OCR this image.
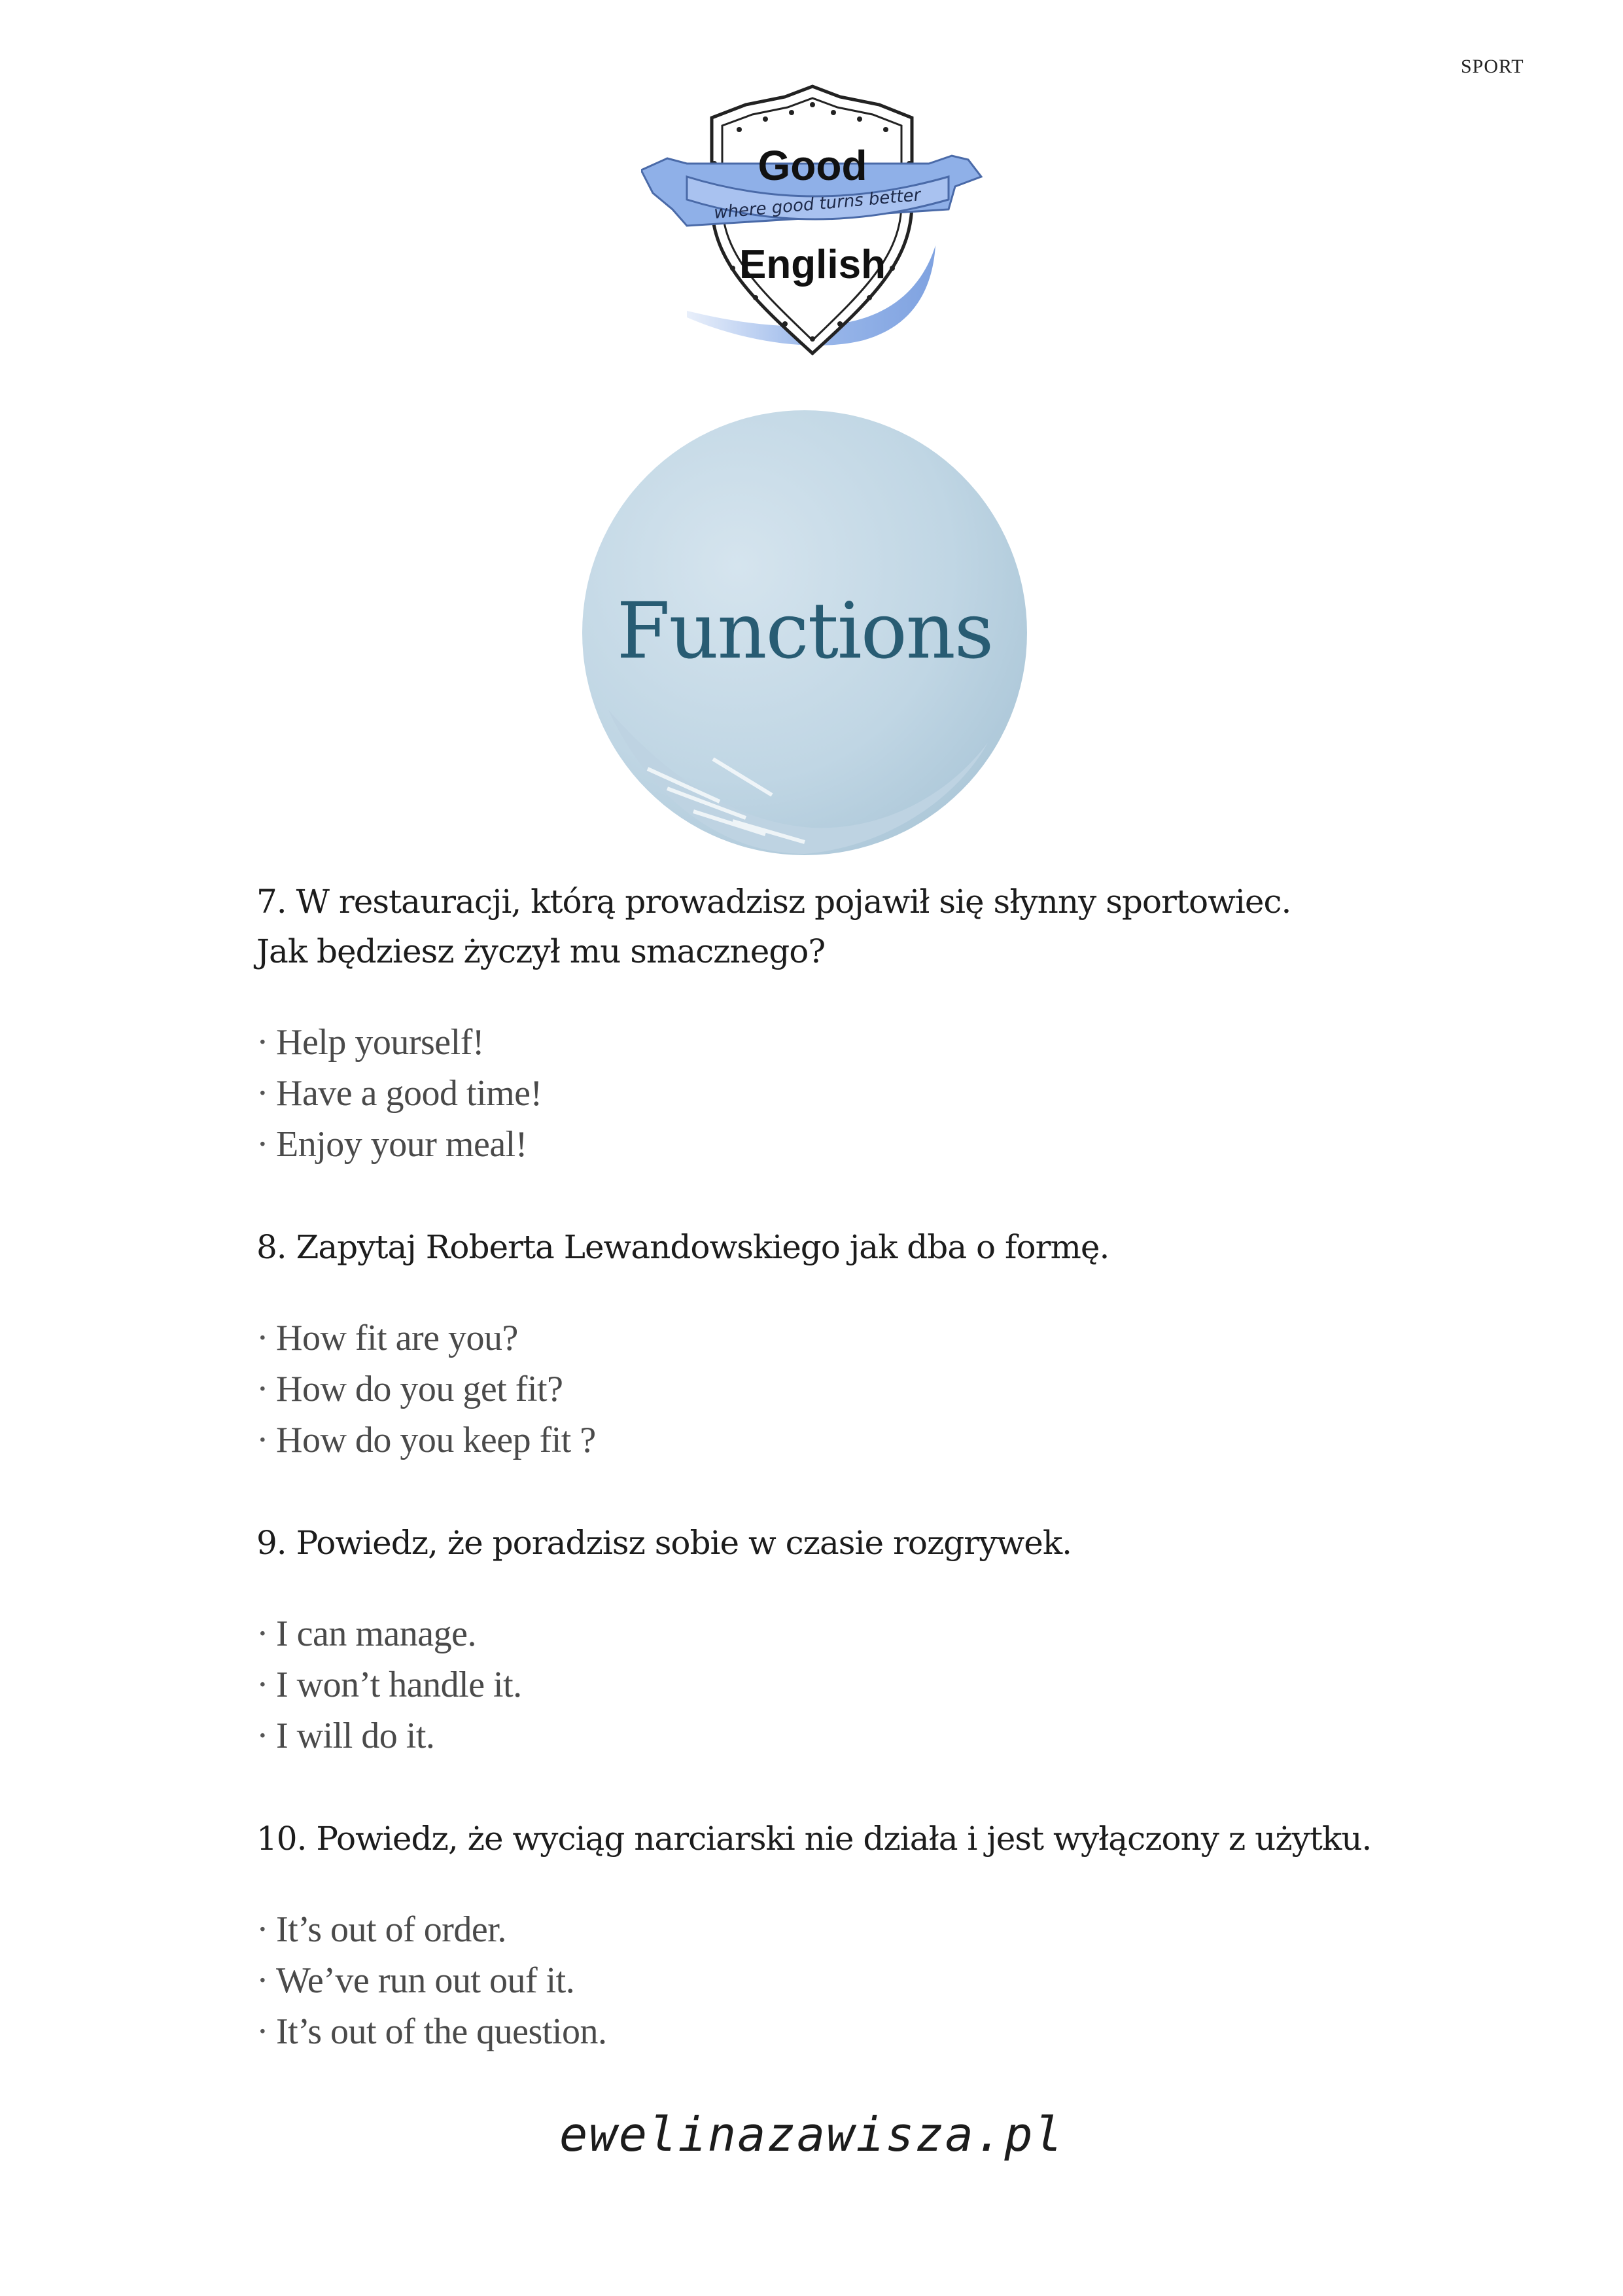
SPORT
where good turns better
Good
English
Functions
7. W restauracji, którą prowadzisz pojawił się słynny sportowiec.
Jak będziesz życzył mu smacznego?
· Help yourself!
· Have a good time!
· Enjoy your meal!
8. Zapytaj Roberta Lewandowskiego jak dba o formę.
· How fit are you?
· How do you get fit?
· How do you keep fit ?
9. Powiedz, że poradzisz sobie w czasie rozgrywek.
· I can manage.
· I won’t handle it.
· I will do it.
10. Powiedz, że wyciąg narciarski nie działa i jest wyłączony z użytku.
· It’s out of order.
· We’ve run out ouf it.
· It’s out of the question.
ewelinazawisza.pl
